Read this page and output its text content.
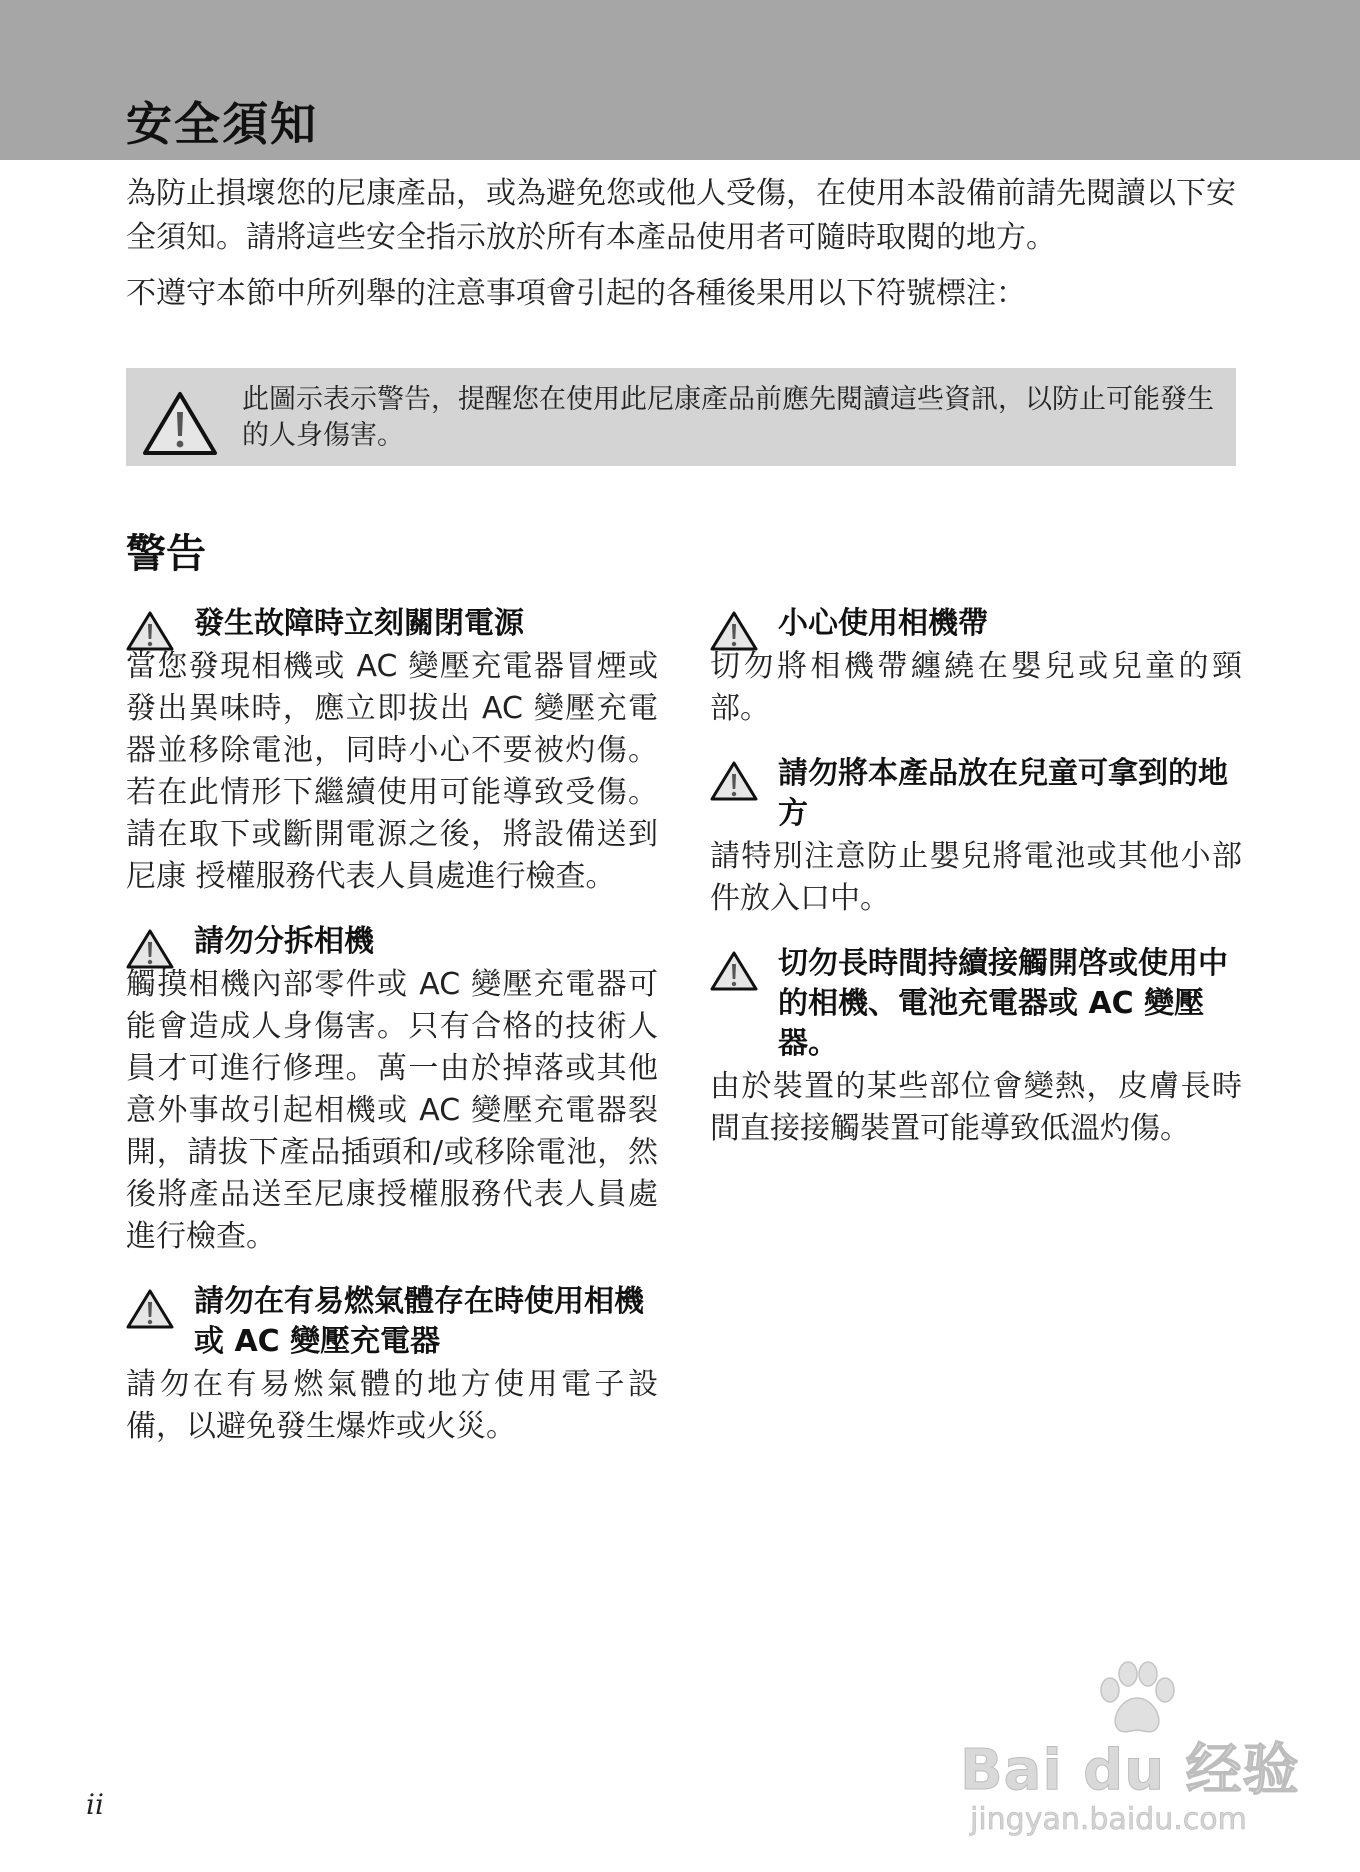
安全須知

為防止損壞您的尼康產品，或為避免您或他人受傷，在使用本設備前請先閱讀以下安全須知。請將這些安全指示放於所有本產品使用者可隨時取閱的地方。

不遵守本節中所列舉的注意事項會引起的各種後果用以下符號標注：

此圖示表示警告，提醒您在使用此尼康產品前應先閱讀這些資訊，以防止可能發生的人身傷害。
警告
發生故障時立刻關閉電源

當您發現相機或 AC 變壓充電器冒煙或發出異味時，應立即拔出 AC 變壓充電器並移除電池，同時小心不要被灼傷。若在此情形下繼續使用可能導致受傷。請在取下或斷開電源之後，將設備送到 尼康 授權服務代表人員處進行檢查。

請勿分拆相機

觸摸相機內部零件或 AC 變壓充電器可能會造成人身傷害。只有合格的技術人員才可進行修理。萬一由於掉落或其他意外事故引起相機或 AC 變壓充電器裂開，請拔下產品插頭和/或移除電池，然後將產品送至尼康授權服務代表人員處進行檢查。

請勿在有易燃氣體存在時使用相機或 AC 變壓充電器

請勿在有易燃氣體的地方使用電子設備，以避免發生爆炸或火災。

小心使用相機帶

切勿將相機帶纏繞在嬰兒或兒童的頸部。

請勿將本產品放在兒童可拿到的地方

請特別注意防止嬰兒將電池或其他小部件放入口中。

切勿長時間持續接觸開啓或使用中的相機、電池充電器或 AC 變壓器。

由於裝置的某些部位會變熱，皮膚長時間直接接觸裝置可能導致低溫灼傷。

ii
Bai du 经验
jingyan.baidu.com
